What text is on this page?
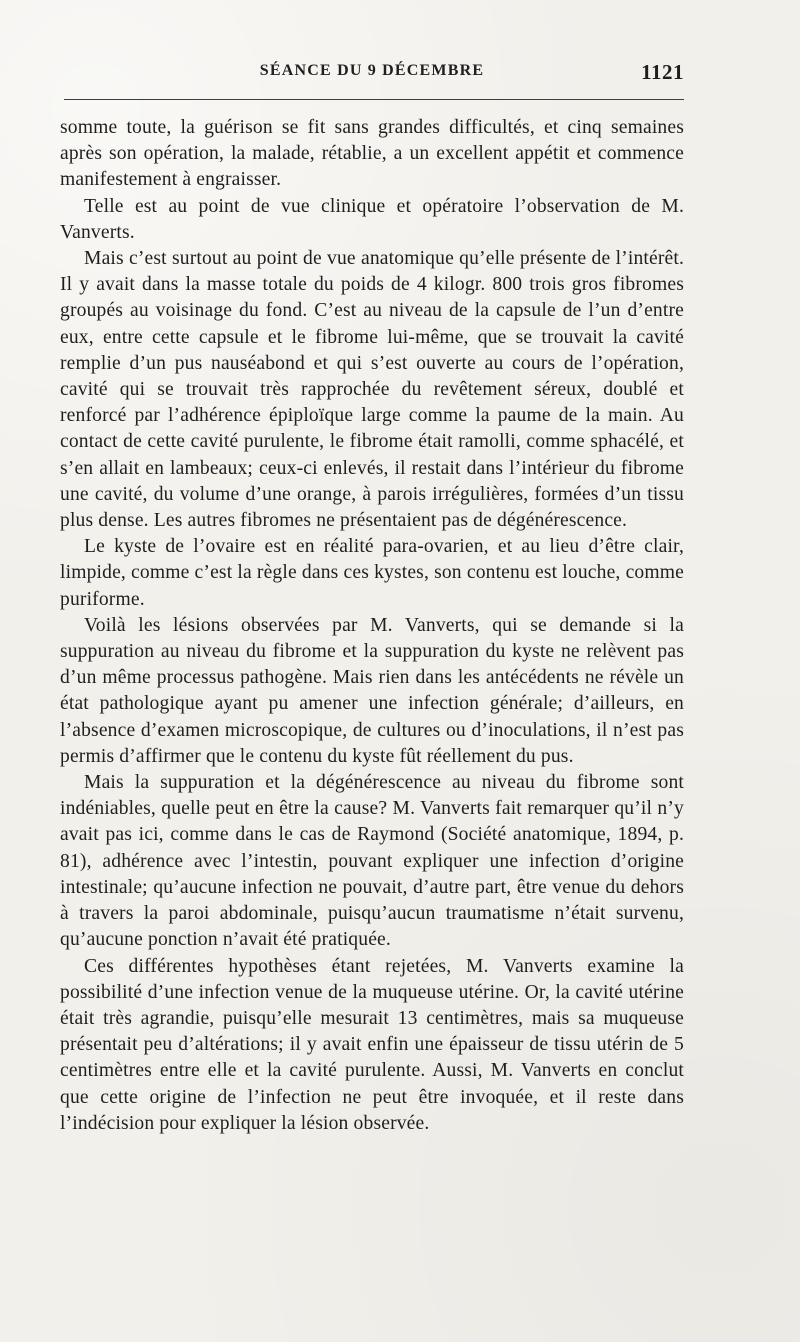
SÉANCE DU 9 DÉCEMBRE	1121

somme toute, la guérison se fit sans grandes difficultés, et cinq semaines après son opération, la malade, rétablie, a un excellent appétit et commence manifestement à engraisser.

Telle est au point de vue clinique et opératoire l’observation de M. Vanverts.

Mais c’est surtout au point de vue anatomique qu’elle présente de l’intérêt. Il y avait dans la masse totale du poids de 4 kilogr. 800 trois gros fibromes groupés au voisinage du fond. C’est au niveau de la capsule de l’un d’entre eux, entre cette capsule et le fibrome lui-même, que se trouvait la cavité remplie d’un pus nauséabond et qui s’est ouverte au cours de l’opération, cavité qui se trouvait très rapprochée du revêtement séreux, doublé et renforcé par l’adhérence épiploïque large comme la paume de la main. Au contact de cette cavité purulente, le fibrome était ramolli, comme sphacélé, et s’en allait en lambeaux; ceux-ci enlevés, il restait dans l’intérieur du fibrome une cavité, du volume d’une orange, à parois irrégulières, formées d’un tissu plus dense. Les autres fibromes ne présentaient pas de dégénérescence.

Le kyste de l’ovaire est en réalité para-ovarien, et au lieu d’être clair, limpide, comme c’est la règle dans ces kystes, son contenu est louche, comme puriforme.

Voilà les lésions observées par M. Vanverts, qui se demande si la suppuration au niveau du fibrome et la suppuration du kyste ne relèvent pas d’un même processus pathogène. Mais rien dans les antécédents ne révèle un état pathologique ayant pu amener une infection générale; d’ailleurs, en l’absence d’examen microscopique, de cultures ou d’inoculations, il n’est pas permis d’affirmer que le contenu du kyste fût réellement du pus.

Mais la suppuration et la dégénérescence au niveau du fibrome sont indéniables, quelle peut en être la cause? M. Vanverts fait remarquer qu’il n’y avait pas ici, comme dans le cas de Raymond (Société anatomique, 1894, p. 81), adhérence avec l’intestin, pouvant expliquer une infection d’origine intestinale; qu’aucune infection ne pouvait, d’autre part, être venue du dehors à travers la paroi abdominale, puisqu’aucun traumatisme n’était survenu, qu’aucune ponction n’avait été pratiquée.

Ces différentes hypothèses étant rejetées, M. Vanverts examine la possibilité d’une infection venue de la muqueuse utérine. Or, la cavité utérine était très agrandie, puisqu’elle mesurait 13 centimètres, mais sa muqueuse présentait peu d’altérations; il y avait enfin une épaisseur de tissu utérin de 5 centimètres entre elle et la cavité purulente. Aussi, M. Vanverts en conclut que cette origine de l’infection ne peut être invoquée, et il reste dans l’indécision pour expliquer la lésion observée.
